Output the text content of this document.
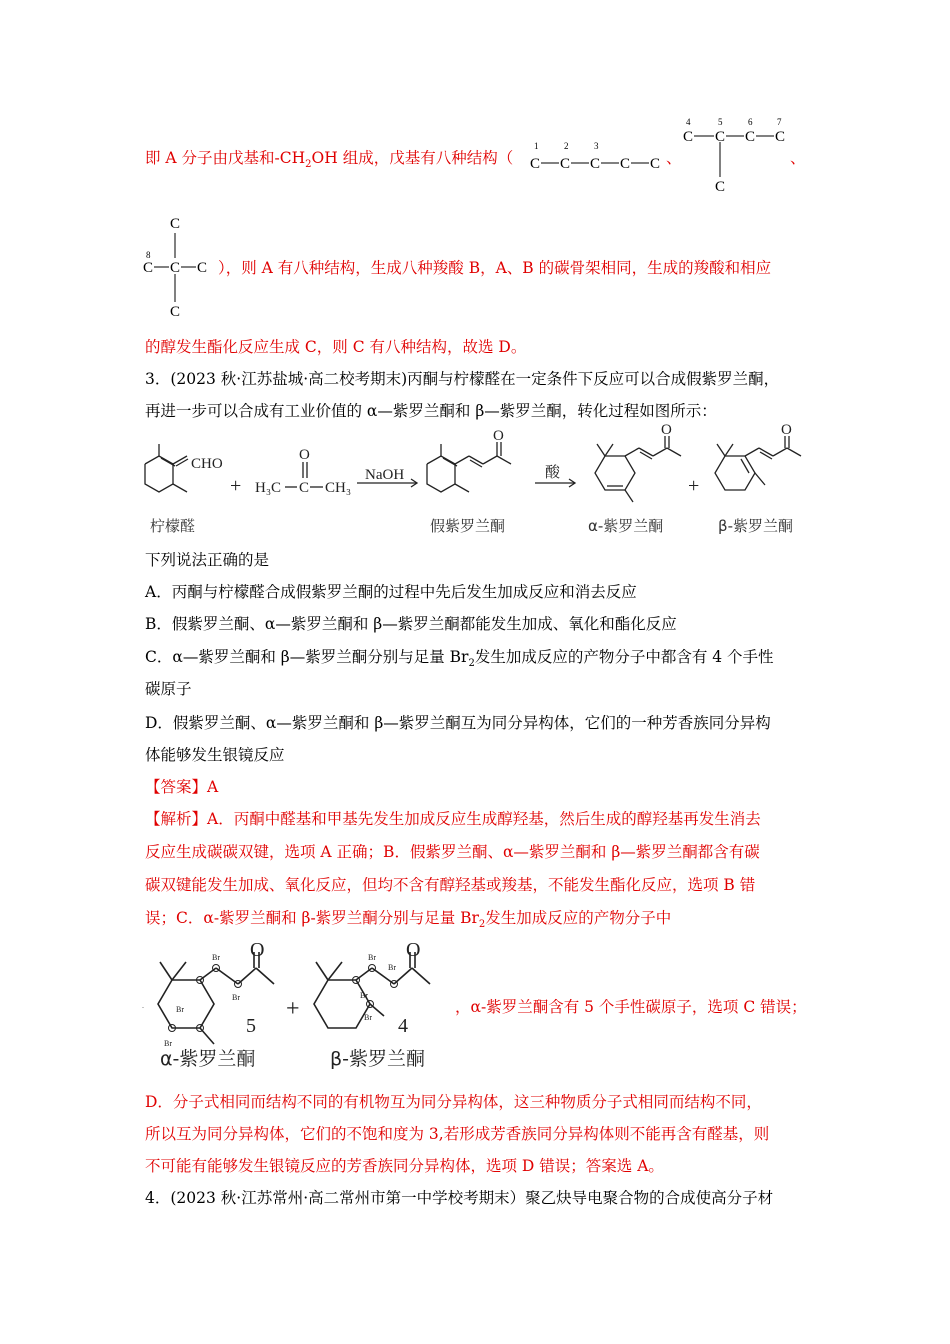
即 A 分子由戊基和$-CH_2OH$ 组成，戊基有八种结构（ C C C C C
1	2	3
、
4	5	6	7
C C C C
C
、
C
C C C
C
8
），则 A 有八种结构，生成八种羧酸 B，A、B 的碳骨架相同，生成的羧酸和相应
的醇发生酯化反应生成 C，则 C 有八种结构，故选 D。
3．(2023 秋·江苏盐城·高二校考期末)丙酮与柠檬醛在一定条件下反应可以合成假紫罗兰酮，
再进一步可以合成有工业价值的 α—紫罗兰酮和 β—紫罗兰酮，转化过程如图所示：
CHO
+ H₃C C CH₃
O
NaOH
O
酸
O
+
O
柠檬醛	假紫罗兰酮	α-紫罗兰酮	β-紫罗兰酮
下列说法正确的是
A．丙酮与柠檬醛合成假紫罗兰酮的过程中先后发生加成反应和消去反应
B．假紫罗兰酮、α—紫罗兰酮和 β—紫罗兰酮都能发生加成、氧化和酯化反应
C．α—紫罗兰酮和 β—紫罗兰酮分别与足量 $Br_2$发生加成反应的产物分子中都含有 4 个手性
碳原子
D．假紫罗兰酮、α—紫罗兰酮和 β—紫罗兰酮互为同分异构体，它们的一种芳香族同分异构
体能够发生银镜反应
【答案】A
【解析】A．丙酮中醛基和甲基先发生加成反应生成醇羟基，然后生成的醇羟基再发生消去
反应生成碳碳双键，选项 A 正确；B．假紫罗兰酮、α—紫罗兰酮和 β—紫罗兰酮都含有碳
碳双键能发生加成、氧化反应，但均不含有醇羟基或羧基，不能发生酯化反应，选项 B 错
误；C．α-紫罗兰酮和 β-紫罗兰酮分别与足量 $Br_2$发生加成反应的产物分子中
Br
Br
Br
Br
Br
Br
Br
Br
O	O
5	4
+
.
α-紫罗兰酮	β-紫罗兰酮
，α-紫罗兰酮含有 5 个手性碳原子，选项 C 错误；
D．分子式相同而结构不同的有机物互为同分异构体，这三种物质分子式相同而结构不同，
所以互为同分异构体，它们的不饱和度为 3,若形成芳香族同分异构体则不能再含有醛基，则
不可能有能够发生银镜反应的芳香族同分异构体，选项 D 错误；答案选 A。
4．(2023 秋·江苏常州·高二常州市第一中学校考期末）聚乙炔导电聚合物的合成使高分子材
